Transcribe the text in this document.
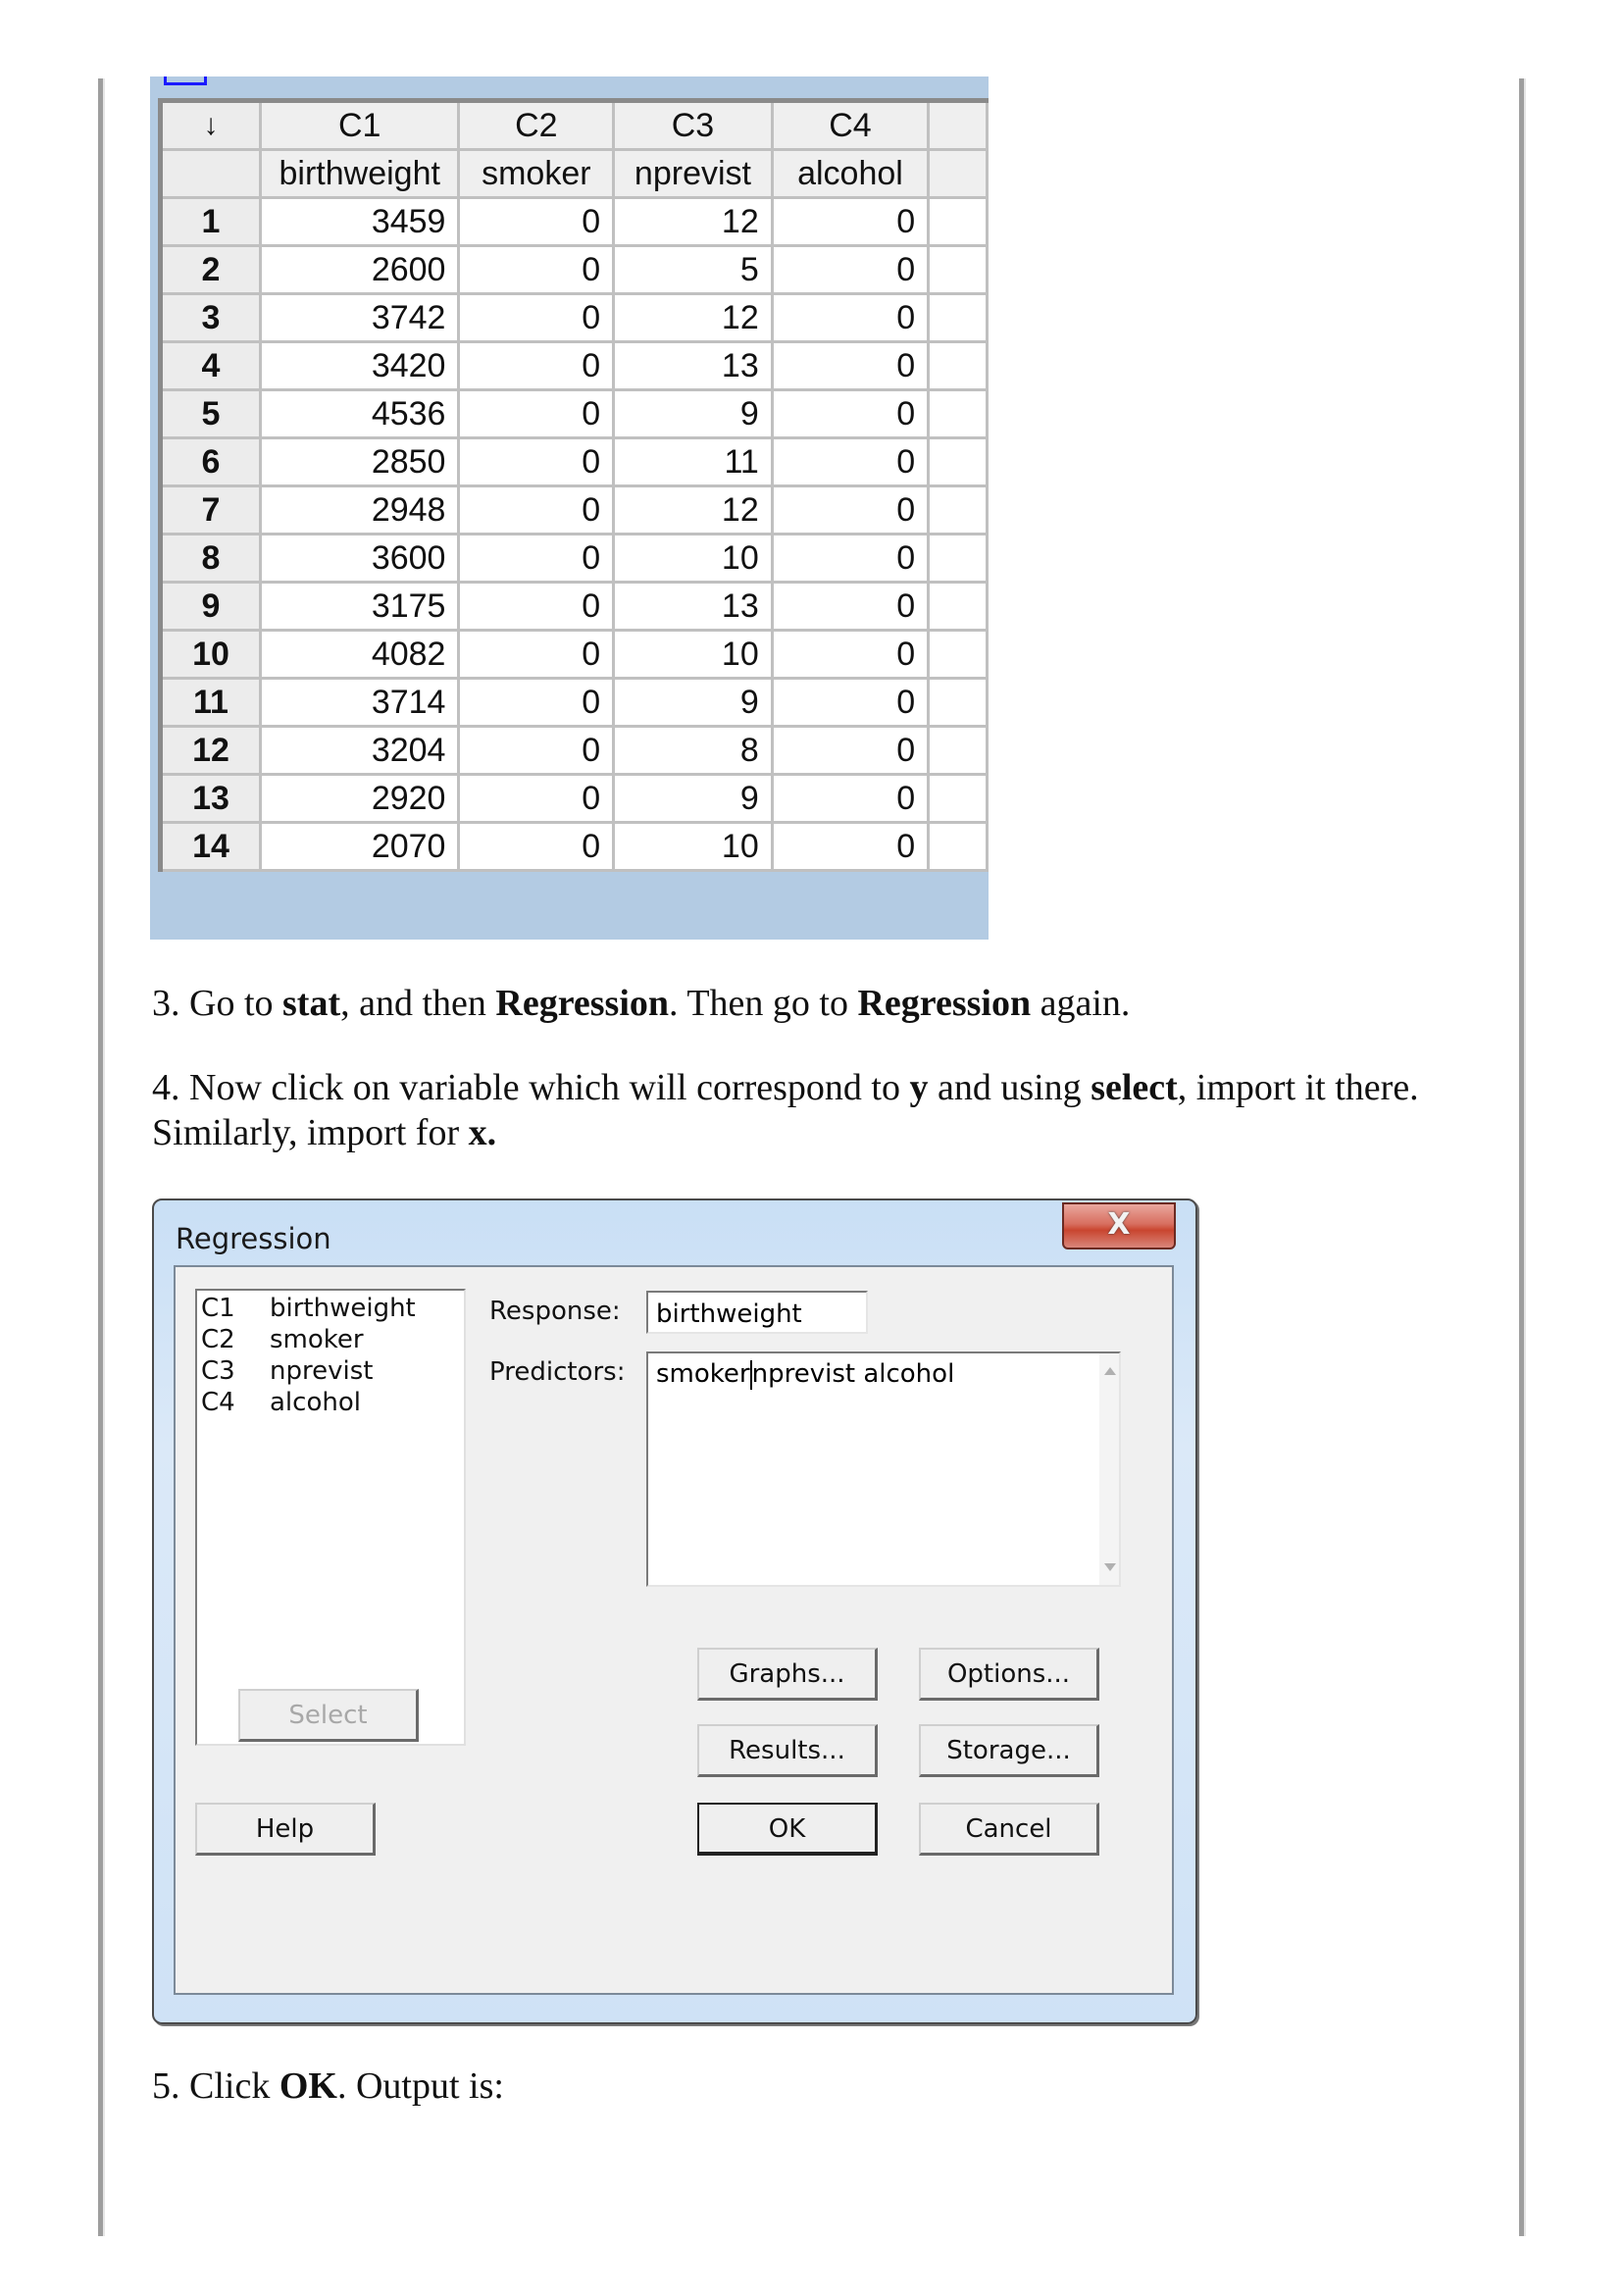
↓	C1	C2	C3	C4	
	birthweight	smoker	nprevist	alcohol	
1	3459	0	12	0	
2	2600	0	5	0	
3	3742	0	12	0	
4	3420	0	13	0	
5	4536	0	9	0	
6	2850	0	11	0	
7	2948	0	12	0	
8	3600	0	10	0	
9	3175	0	13	0	
10	4082	0	10	0	
11	3714	0	9	0	
12	3204	0	8	0	
13	2920	0	9	0	
14	2070	0	10	0	
3. Go to stat, and then Regression. Then go to Regression again.
4. Now click on variable which will correspond to y and using select, import it there. Similarly, import for x.
5. Click OK. Output is:
Regression	X
C1	birthweight
C2	smoker
C3	nprevist
C4	alcohol
Response:	birthweight
Predictors: smokernprevist alcohol
Graphs...	Options...
Select
Results...	Storage...
Help	OK	Cancel
